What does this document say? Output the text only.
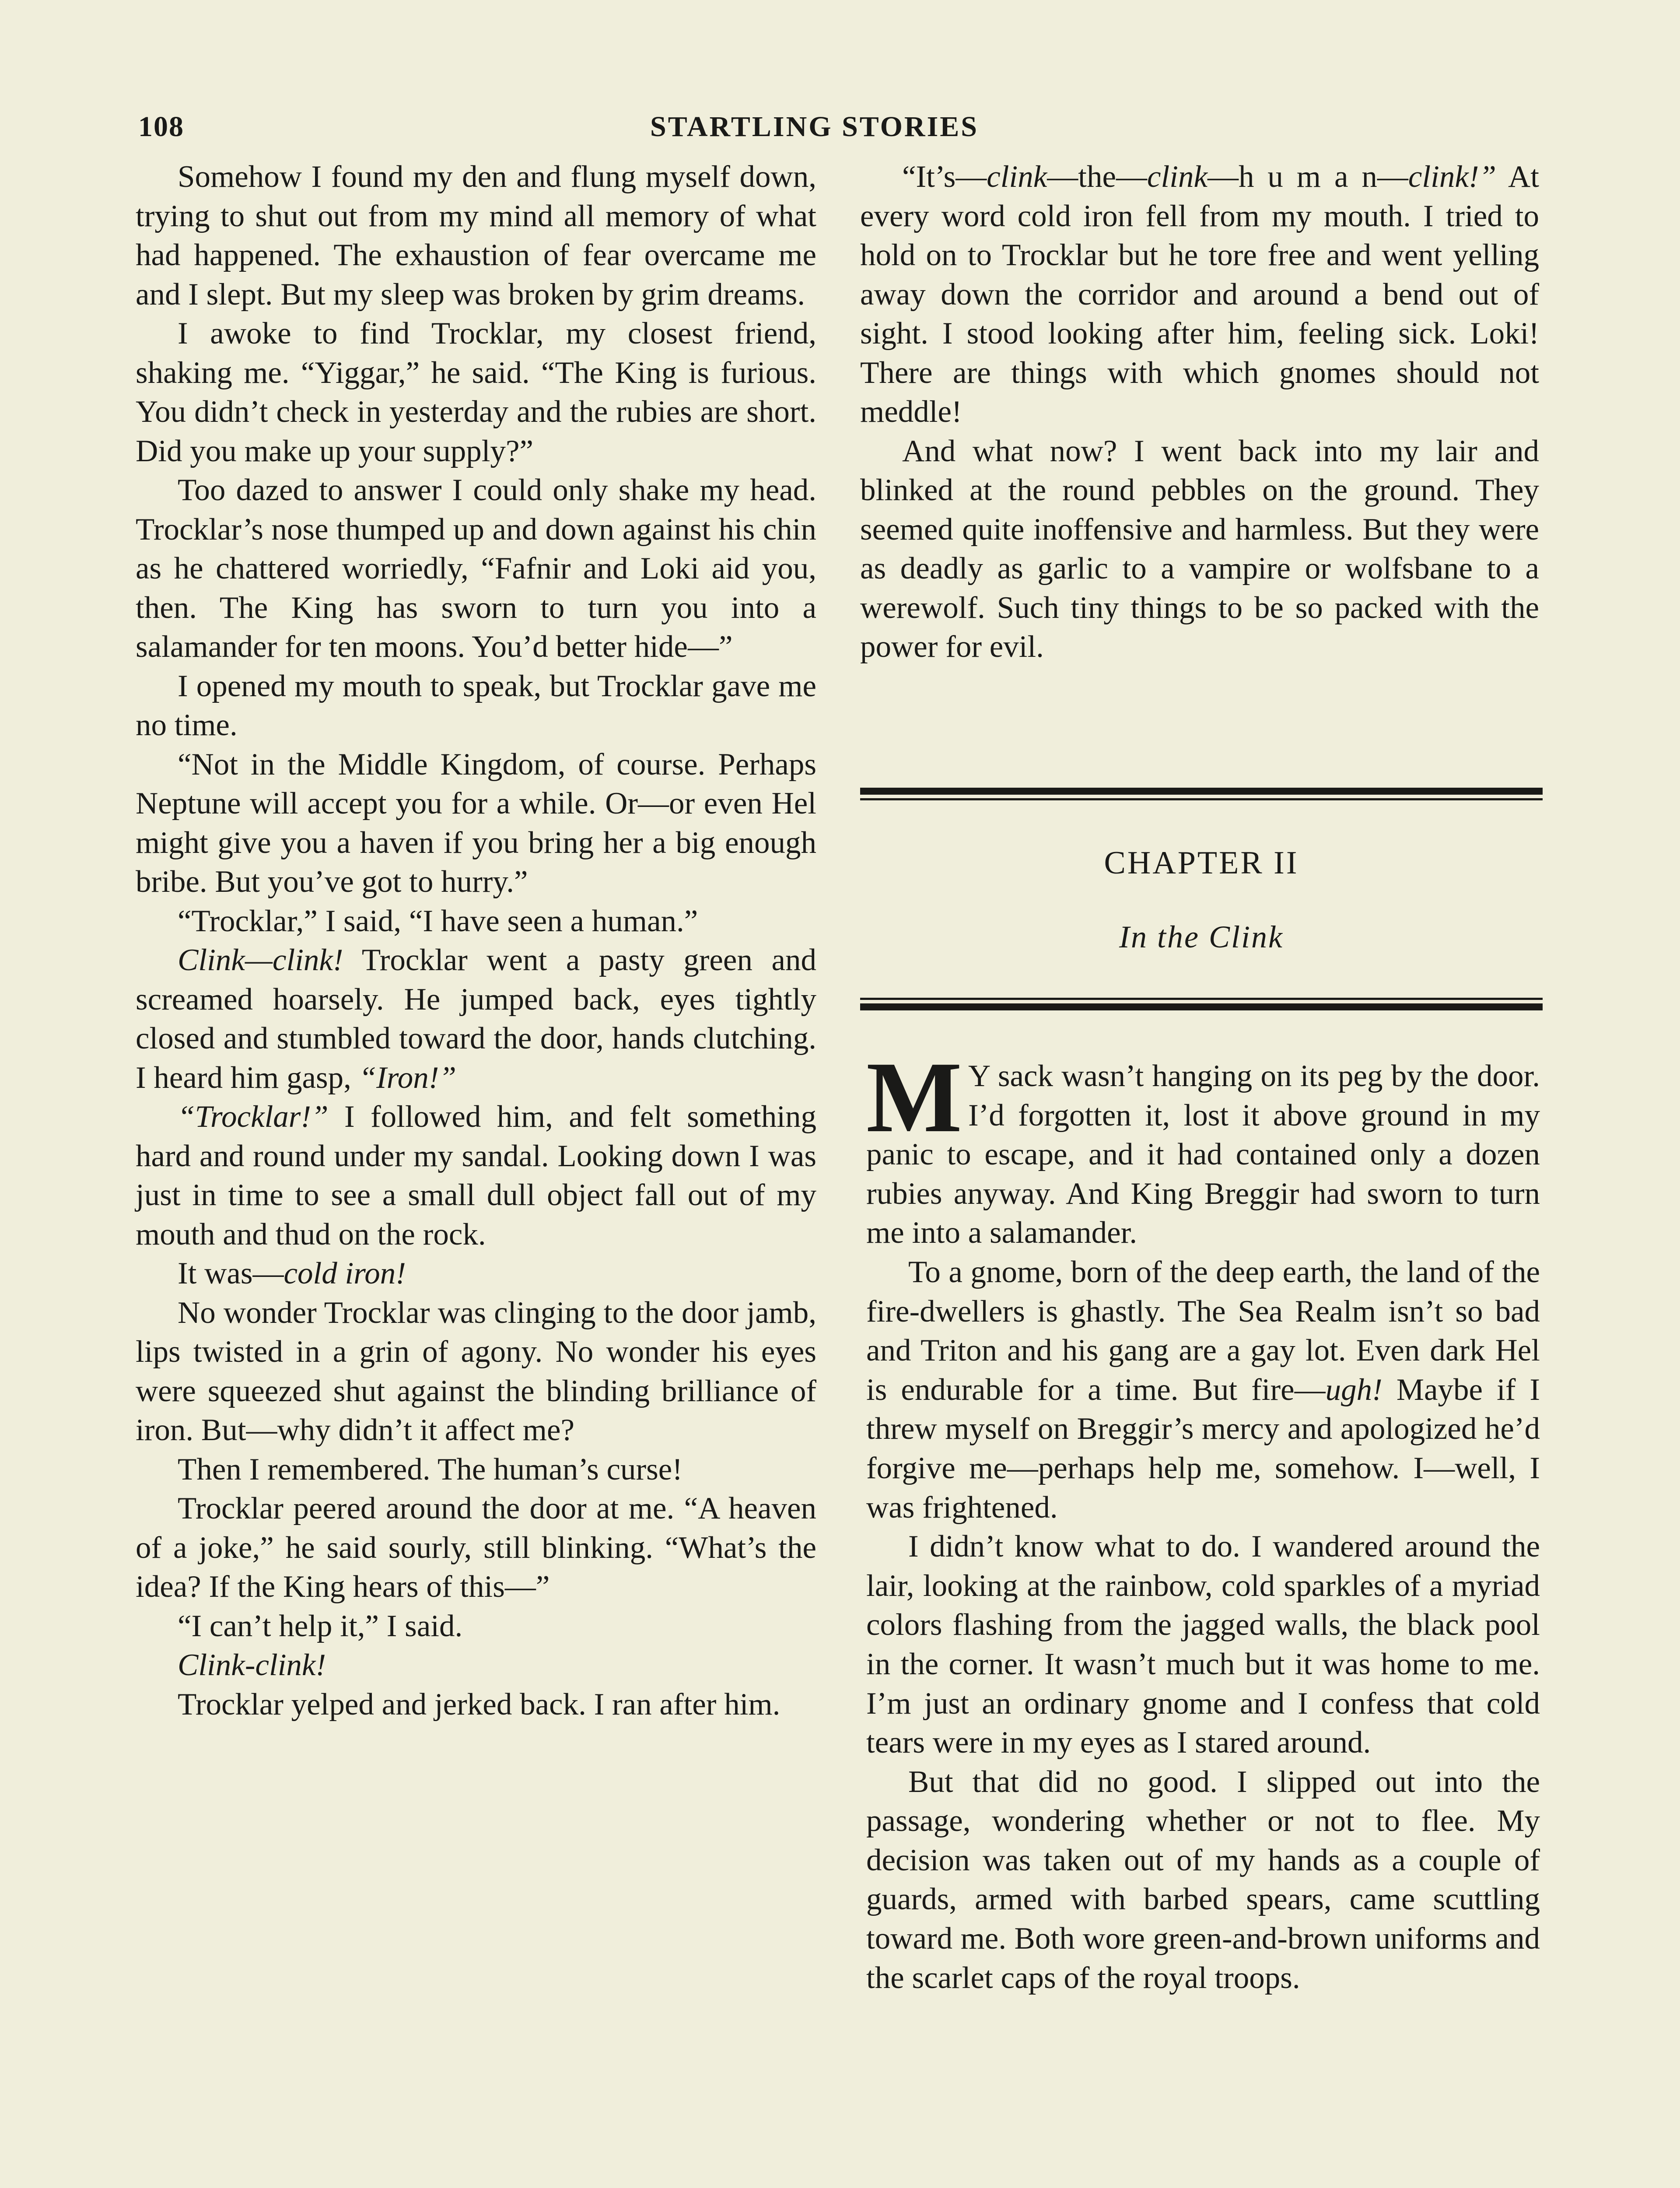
108	STARTLING STORIES

Somehow I found my den and flung myself down, trying to shut out from my mind all memory of what had happened. The exhaustion of fear overcame me and I slept. But my sleep was broken by grim dreams.

I awoke to find Trocklar, my closest friend, shaking me. “Yiggar,” he said. “The King is furious. You didn’t check in yesterday and the rubies are short. Did you make up your supply?”

Too dazed to answer I could only shake my head. Trocklar’s nose thumped up and down against his chin as he chattered worriedly, “Fafnir and Loki aid you, then. The King has sworn to turn you into a salamander for ten moons. You’d better hide—”

I opened my mouth to speak, but Trocklar gave me no time.

“Not in the Middle Kingdom, of course. Perhaps Neptune will accept you for a while. Or—or even Hel might give you a haven if you bring her a big enough bribe. But you’ve got to hurry.”

“Trocklar,” I said, “I have seen a human.”

Clink—clink! Trocklar went a pasty green and screamed hoarsely. He jumped back, eyes tightly closed and stumbled toward the door, hands clutching. I heard him gasp, “Iron!”

“Trocklar!” I followed him, and felt something hard and round under my sandal. Looking down I was just in time to see a small dull object fall out of my mouth and thud on the rock.

It was—cold iron!

No wonder Trocklar was clinging to the door jamb, lips twisted in a grin of agony. No wonder his eyes were squeezed shut against the blinding brilliance of iron. But—why didn’t it affect me?

Then I remembered. The human’s curse!

Trocklar peered around the door at me. “A heaven of a joke,” he said sourly, still blinking. “What’s the idea? If the King hears of this—”

“I can’t help it,” I said.

Clink-clink!

Trocklar yelped and jerked back. I ran after him.

“It’s—clink—the—clink—h u m a n—clink!” At every word cold iron fell from my mouth. I tried to hold on to Trocklar but he tore free and went yelling away down the corridor and around a bend out of sight. I stood looking after him, feeling sick. Loki! There are things with which gnomes should not meddle!

And what now? I went back into my lair and blinked at the round pebbles on the ground. They seemed quite inoffensive and harmless. But they were as deadly as garlic to a vampire or wolfsbane to a werewolf. Such tiny things to be so packed with the power for evil.

CHAPTER II
In the Clink

M Y sack wasn’t hanging on its peg by the door. I’d forgotten it, lost it above ground in my panic to escape, and it had contained only a dozen rubies anyway. And King Breggir had sworn to turn me into a salamander.

To a gnome, born of the deep earth, the land of the fire-dwellers is ghastly. The Sea Realm isn’t so bad and Triton and his gang are a gay lot. Even dark Hel is endurable for a time. But fire—ugh! Maybe if I threw myself on Breggir’s mercy and apologized he’d forgive me—perhaps help me, somehow. I—well, I was frightened.

I didn’t know what to do. I wandered around the lair, looking at the rainbow, cold sparkles of a myriad colors flashing from the jagged walls, the black pool in the corner. It wasn’t much but it was home to me. I’m just an ordinary gnome and I confess that cold tears were in my eyes as I stared around.

But that did no good. I slipped out into the passage, wondering whether or not to flee. My decision was taken out of my hands as a couple of guards, armed with barbed spears, came scuttling toward me. Both wore green-and-brown uniforms and the scarlet caps of the royal troops.
